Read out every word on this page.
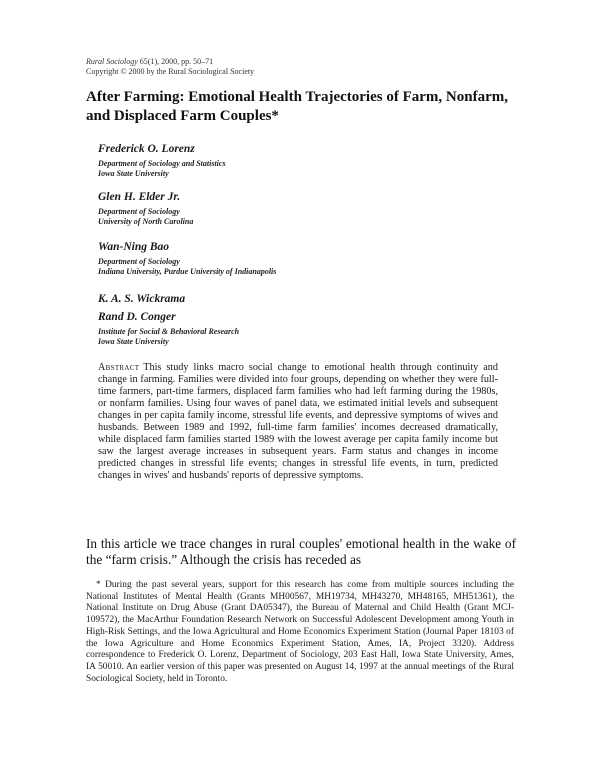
Rural Sociology 65(1), 2000, pp. 50–71
Copyright © 2000 by the Rural Sociological Society
After Farming: Emotional Health Trajectories of Farm, Nonfarm, and Displaced Farm Couples*
Frederick O. Lorenz
Department of Sociology and Statistics
Iowa State University
Glen H. Elder Jr.
Department of Sociology
University of North Carolina
Wan-Ning Bao
Department of Sociology
Indiana University, Purdue University of Indianapolis
K. A. S. Wickrama
Rand D. Conger
Institute for Social & Behavioral Research
Iowa State University

Abstract This study links macro social change to emotional health through continuity and change in farming. Families were divided into four groups, depending on whether they were full-time farmers, part-time farmers, displaced farm families who had left farming during the 1980s, or nonfarm families. Using four waves of panel data, we estimated initial levels and subsequent changes in per capita family income, stressful life events, and depressive symptoms of wives and husbands. Between 1989 and 1992, full-time farm families' incomes decreased dramatically, while displaced farm families started 1989 with the lowest average per capita family income but saw the largest average increases in subsequent years. Farm status and changes in income predicted changes in stressful life events; changes in stressful life events, in turn, predicted changes in wives' and husbands' reports of depressive symptoms.

In this article we trace changes in rural couples' emotional health in the wake of the “farm crisis.” Although the crisis has receded as

* During the past several years, support for this research has come from multiple sources including the National Institutes of Mental Health (Grants MH00567, MH19734, MH43270, MH48165, MH51361), the National Institute on Drug Abuse (Grant DA05347), the Bureau of Maternal and Child Health (Grant MCJ-109572), the MacArthur Foundation Research Network on Successful Adolescent Development among Youth in High-Risk Settings, and the Iowa Agricultural and Home Economics Experiment Station (Journal Paper 18103 of the Iowa Agriculture and Home Economics Experiment Station, Ames, IA, Project 3320). Address correspondence to Frederick O. Lorenz, Department of Sociology, 203 East Hall, Iowa State University, Ames, IA 50010. An earlier version of this paper was presented on August 14, 1997 at the annual meetings of the Rural Sociological Society, held in Toronto.
